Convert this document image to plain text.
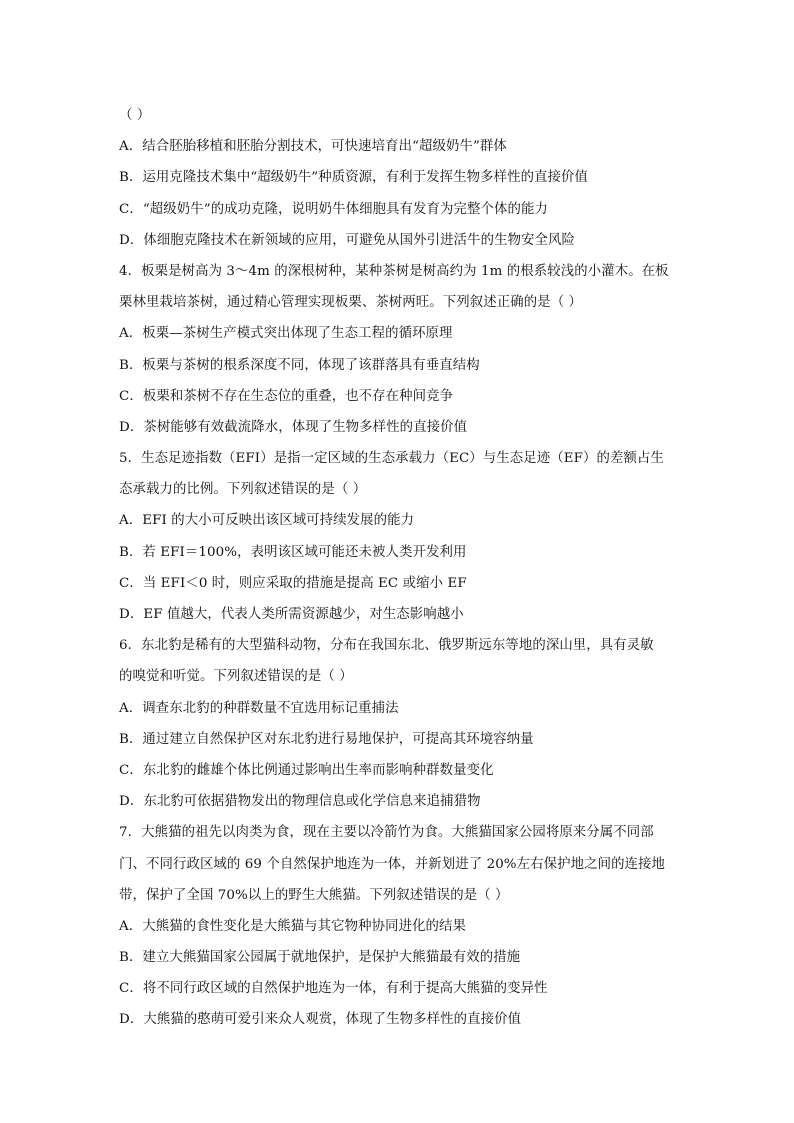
（ ）
A．结合胚胎移植和胚胎分割技术，可快速培育出“超级奶牛”群体
B．运用克隆技术集中“超级奶牛”种质资源，有利于发挥生物多样性的直接价值
C．“超级奶牛”的成功克隆，说明奶牛体细胞具有发育为完整个体的能力
D．体细胞克隆技术在新领域的应用，可避免从国外引进活牛的生物安全风险
4．板栗是树高为 3～4m 的深根树种，某种茶树是树高约为 1m 的根系较浅的小灌木。在板
栗林里栽培茶树，通过精心管理实现板栗、茶树两旺。下列叙述正确的是（ ）
A．板栗—茶树生产模式突出体现了生态工程的循环原理
B．板栗与茶树的根系深度不同，体现了该群落具有垂直结构
C．板栗和茶树不存在生态位的重叠，也不存在种间竞争
D．茶树能够有效截流降水，体现了生物多样性的直接价值
5．生态足迹指数（EFI）是指一定区域的生态承载力（EC）与生态足迹（EF）的差额占生
态承载力的比例。下列叙述错误的是（ ）
A．EFI 的大小可反映出该区域可持续发展的能力
B．若 EFI＝100%，表明该区域可能还未被人类开发利用
C．当 EFI＜0 时，则应采取的措施是提高 EC 或缩小 EF
D．EF 值越大，代表人类所需资源越少，对生态影响越小
6．东北豹是稀有的大型猫科动物，分布在我国东北、俄罗斯远东等地的深山里，具有灵敏
的嗅觉和听觉。下列叙述错误的是（ ）
A．调查东北豹的种群数量不宜选用标记重捕法
B．通过建立自然保护区对东北豹进行易地保护，可提高其环境容纳量
C．东北豹的雌雄个体比例通过影响出生率而影响种群数量变化
D．东北豹可依据猎物发出的物理信息或化学信息来追捕猎物
7．大熊猫的祖先以肉类为食，现在主要以冷箭竹为食。大熊猫国家公园将原来分属不同部
门、不同行政区域的 69 个自然保护地连为一体，并新划进了 20%左右保护地之间的连接地
带，保护了全国 70%以上的野生大熊猫。下列叙述错误的是（ ）
A．大熊猫的食性变化是大熊猫与其它物种协同进化的结果
B．建立大熊猫国家公园属于就地保护，是保护大熊猫最有效的措施
C．将不同行政区域的自然保护地连为一体，有利于提高大熊猫的变异性
D．大熊猫的憨萌可爱引来众人观赏，体现了生物多样性的直接价值
